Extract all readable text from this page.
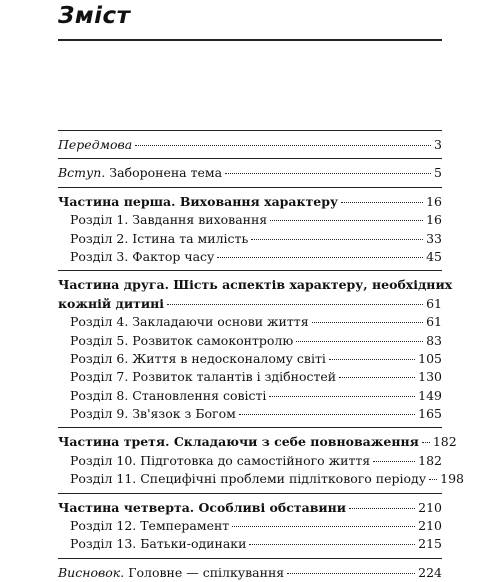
Зміст
Передмова	3
Вступ. Заборонена тема	5
Частина перша. Виховання характеру	16
Розділ 1. Завдання виховання	16
Розділ 2. Істина та милість	33
Розділ 3. Фактор часу	45
Частина друга. Шість аспектів характеру, необхідних
кожній дитині	61
Розділ 4. Закладаючи основи життя	61
Розділ 5. Розвиток самоконтролю	83
Розділ 6. Життя в недосконалому світі	105
Розділ 7. Розвиток талантів і здібностей	130
Розділ 8. Становлення совісті	149
Розділ 9. Зв'язок з Богом	165
Частина третя. Складаючи з себе повноваження 182
Розділ 10. Підготовка до самостійного життя	182
Розділ 11. Специфічні проблеми підліткового періоду 198
Частина четверта. Особливі обставини	210
Розділ 12. Темперамент	210
Розділ 13. Батьки-одинаки	215
Висновок. Головне — спілкування	224
